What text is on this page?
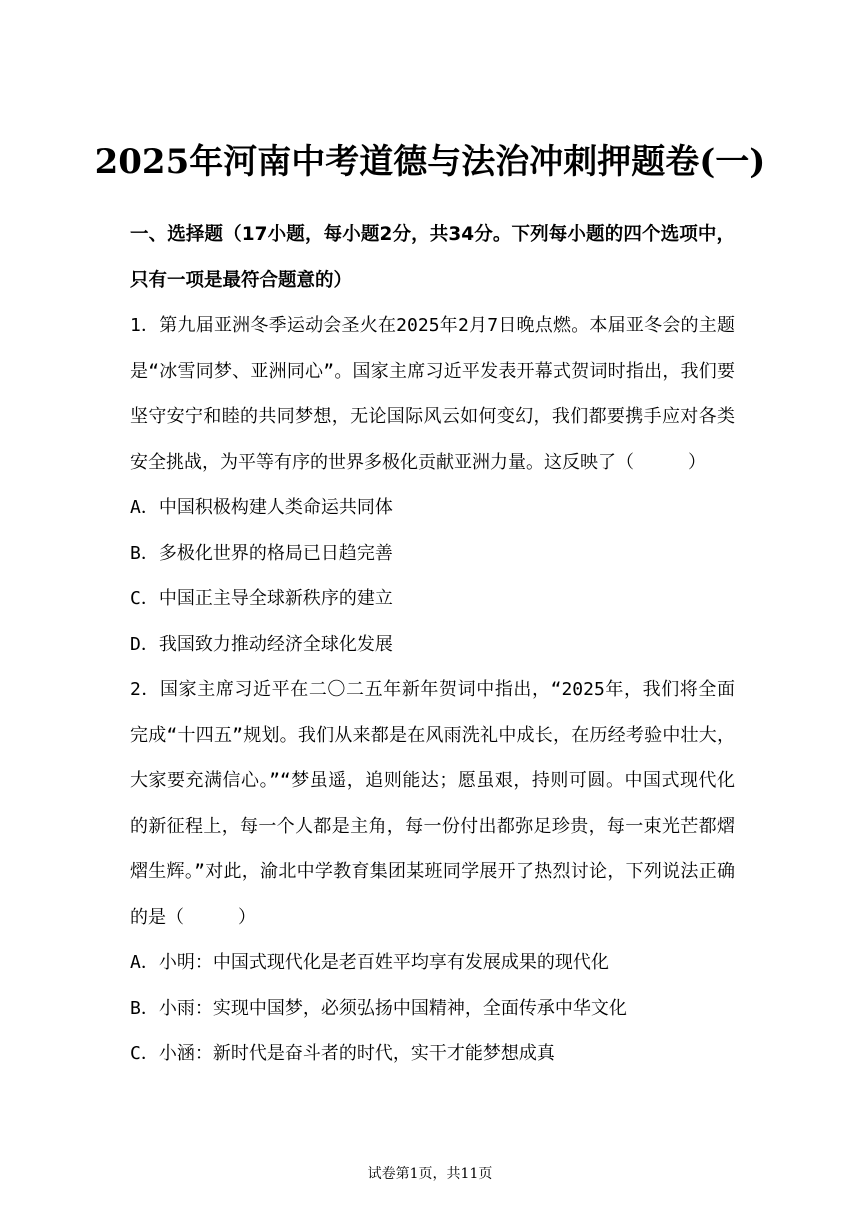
2025年河南中考道德与法治冲刺押题卷(一)
一、选择题（17小题，每小题2分，共34分。下列每小题的四个选项中，只有一项是最符合题意的）
1．第九届亚洲冬季运动会圣火在2025年2月7日晚点燃。本届亚冬会的主题是“冰雪同梦、亚洲同心”。国家主席习近平发表开幕式贺词时指出，我们要坚守安宁和睦的共同梦想，无论国际风云如何变幻，我们都要携手应对各类安全挑战，为平等有序的世界多极化贡献亚洲力量。这反映了（　　　）
A．中国积极构建人类命运共同体
B．多极化世界的格局已日趋完善
C．中国正主导全球新秩序的建立
D．我国致力推动经济全球化发展
2．国家主席习近平在二〇二五年新年贺词中指出，“2025年，我们将全面完成“十四五”规划。我们从来都是在风雨洗礼中成长，在历经考验中壮大，大家要充满信心。”“梦虽遥，追则能达；愿虽艰，持则可圆。中国式现代化的新征程上，每一个人都是主角，每一份付出都弥足珍贵，每一束光芒都熠熠生辉。”对此，渝北中学教育集团某班同学展开了热烈讨论，下列说法正确的是（　　　）
A．小明：中国式现代化是老百姓平均享有发展成果的现代化
B．小雨：实现中国梦，必须弘扬中国精神，全面传承中华文化
C．小涵：新时代是奋斗者的时代，实干才能梦想成真
试卷第1页，共11页
